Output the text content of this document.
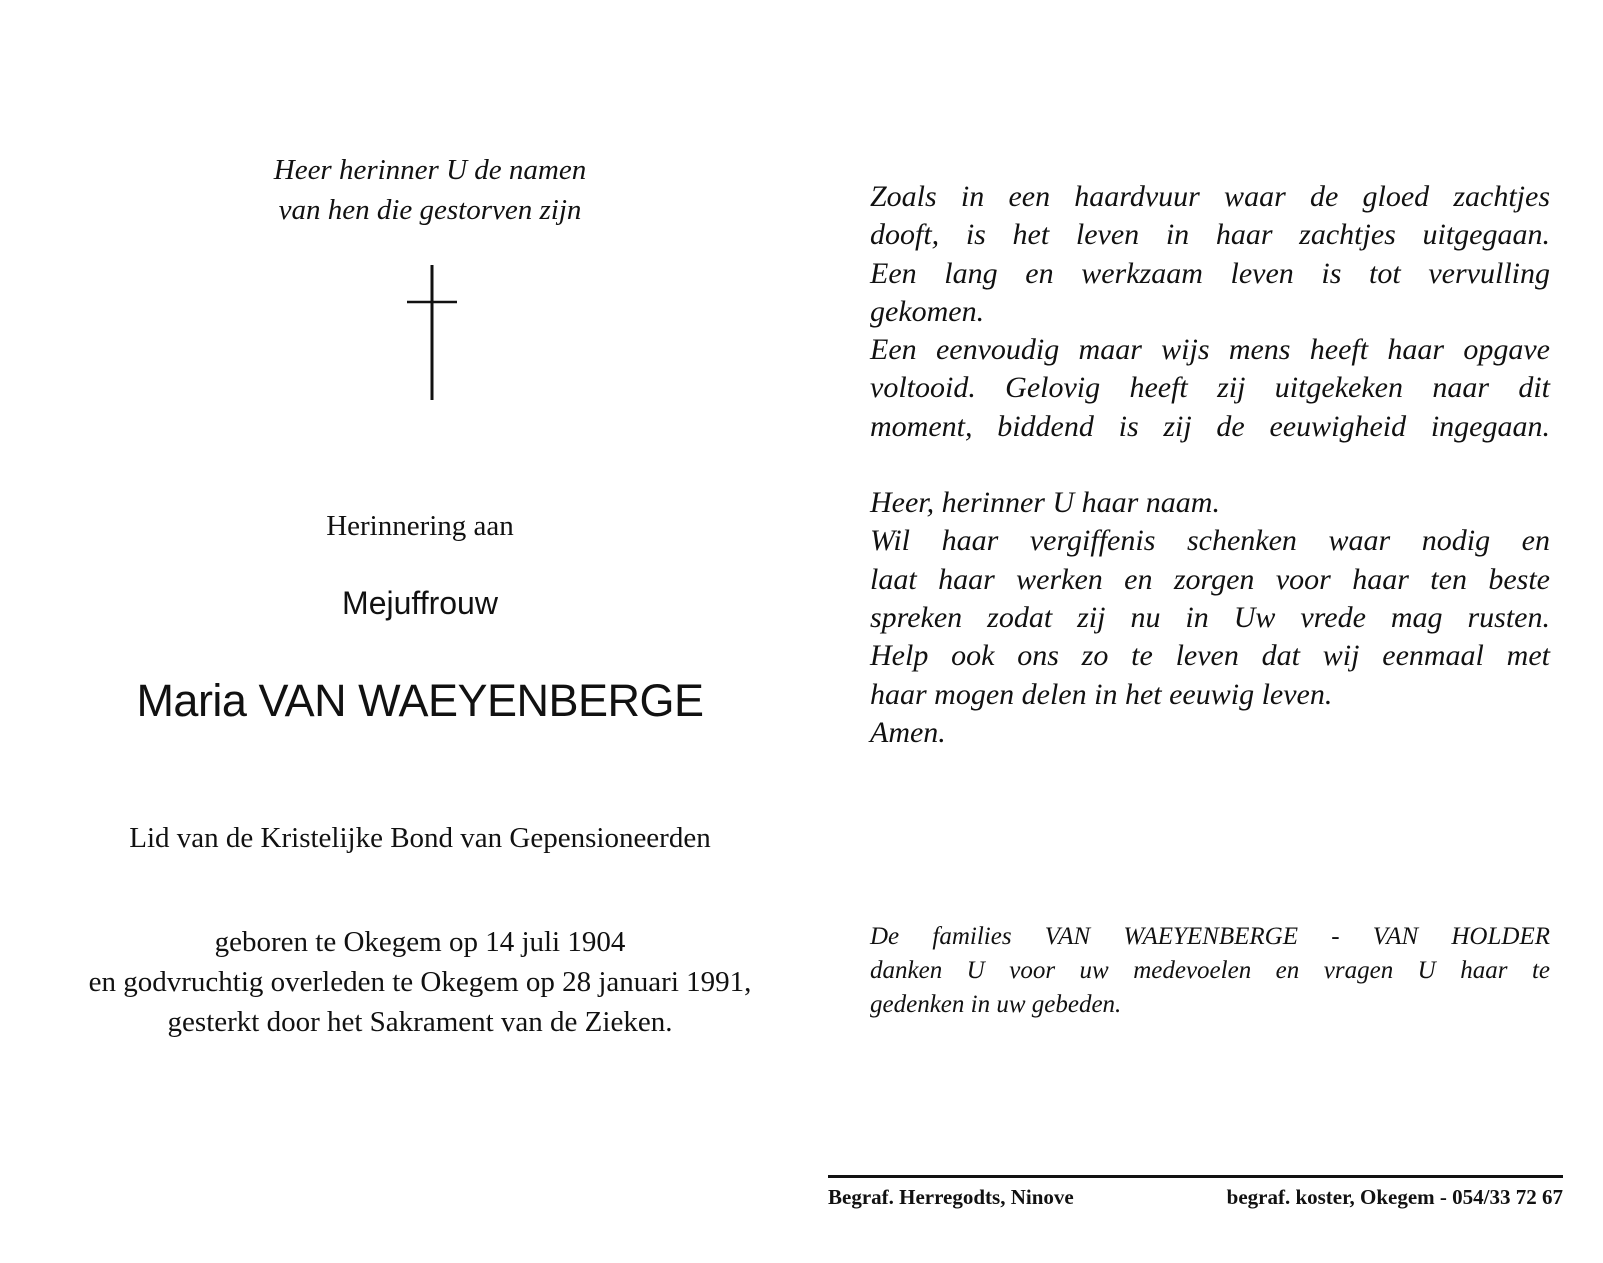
Heer herinner U de namen
van hen die gestorven zijn
Herinnering aan
Mejuffrouw
Maria VAN WAEYENBERGE
Lid van de Kristelijke Bond van Gepensioneerden
geboren te Okegem op 14 juli 1904
en godvruchtig overleden te Okegem op 28 januari 1991,
gesterkt door het Sakrament van de Zieken.
Zoals in een haardvuur waar de gloed zachtjes
dooft, is het leven in haar zachtjes uitgegaan.
Een lang en werkzaam leven is tot vervulling
gekomen.
Een eenvoudig maar wijs mens heeft haar opgave
voltooid. Gelovig heeft zij uitgekeken naar dit
moment, biddend is zij de eeuwigheid ingegaan.
Heer, herinner U haar naam.
Wil haar vergiffenis schenken waar nodig en
laat haar werken en zorgen voor haar ten beste
spreken zodat zij nu in Uw vrede mag rusten.
Help ook ons zo te leven dat wij eenmaal met
haar mogen delen in het eeuwig leven.
Amen.
De families VAN WAEYENBERGE - VAN HOLDER
danken U voor uw medevoelen en vragen U haar te
gedenken in uw gebeden.
Begraf. Herregodts, Ninove	begraf. koster, Okegem - 054/33 72 67
